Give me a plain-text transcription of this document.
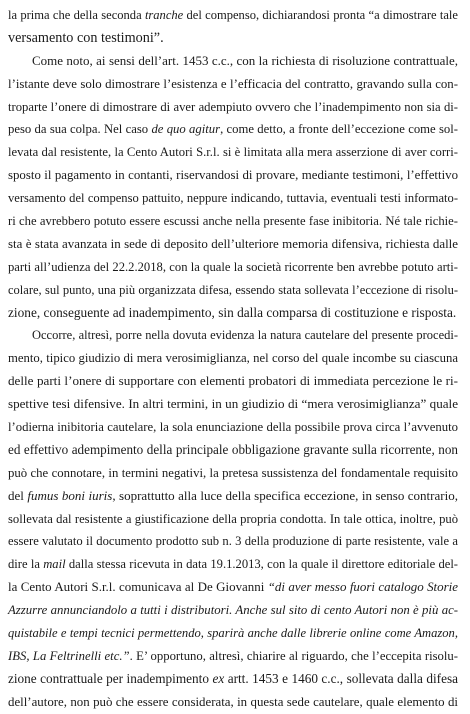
la prima che della seconda tranche del compenso, dichiarandosi pronta “a dimostrare tale
versamento con testimoni”.
Come noto, ai sensi dell’art. 1453 c.c., con la richiesta di risoluzione contrattuale,
l’istante deve solo dimostrare l’esistenza e l’efficacia del contratto, gravando sulla con-
troparte l’onere di dimostrare di aver adempiuto ovvero che l’inadempimento non sia di-
peso da sua colpa. Nel caso de quo agitur, come detto, a fronte dell’eccezione come sol-
levata dal resistente, la Cento Autori S.r.l. si è limitata alla mera asserzione di aver corri-
sposto il pagamento in contanti, riservandosi di provare, mediante testimoni, l’effettivo
versamento del compenso pattuito, neppure indicando, tuttavia, eventuali testi informato-
ri che avrebbero potuto essere escussi anche nella presente fase inibitoria. Né tale richie-
sta è stata avanzata in sede di deposito dell’ulteriore memoria difensiva, richiesta dalle
parti all’udienza del 22.2.2018, con la quale la società ricorrente ben avrebbe potuto arti-
colare, sul punto, una più organizzata difesa, essendo stata sollevata l’eccezione di risolu-
zione, conseguente ad inadempimento, sin dalla comparsa di costituzione e risposta.
Occorre, altresì, porre nella dovuta evidenza la natura cautelare del presente procedi-
mento, tipico giudizio di mera verosimiglianza, nel corso del quale incombe su ciascuna
delle parti l’onere di supportare con elementi probatori di immediata percezione le ri-
spettive tesi difensive. In altri termini, in un giudizio di “mera verosimiglianza” quale
l’odierna inibitoria cautelare, la sola enunciazione della possibile prova circa l’avvenuto
ed effettivo adempimento della principale obbligazione gravante sulla ricorrente, non
può che connotare, in termini negativi, la pretesa sussistenza del fondamentale requisito
del fumus boni iuris, soprattutto alla luce della specifica eccezione, in senso contrario,
sollevata dal resistente a giustificazione della propria condotta. In tale ottica, inoltre, può
essere valutato il documento prodotto sub n. 3 della produzione di parte resistente, vale a
dire la mail dalla stessa ricevuta in data 19.1.2013, con la quale il direttore editoriale del-
la Cento Autori S.r.l. comunicava al De Giovanni “di aver messo fuori catalogo Storie
Azzurre annunciandolo a tutti i distributori. Anche sul sito di cento Autori non è più ac-
quistabile e tempi tecnici permettendo, sparirà anche dalle librerie online come Amazon,
IBS, La Feltrinelli etc.”. E’ opportuno, altresì, chiarire al riguardo, che l’eccepita risolu-
zione contrattuale per inadempimento ex artt. 1453 e 1460 c.c., sollevata dalla difesa
dell’autore, non può che essere considerata, in questa sede cautelare, quale elemento di
